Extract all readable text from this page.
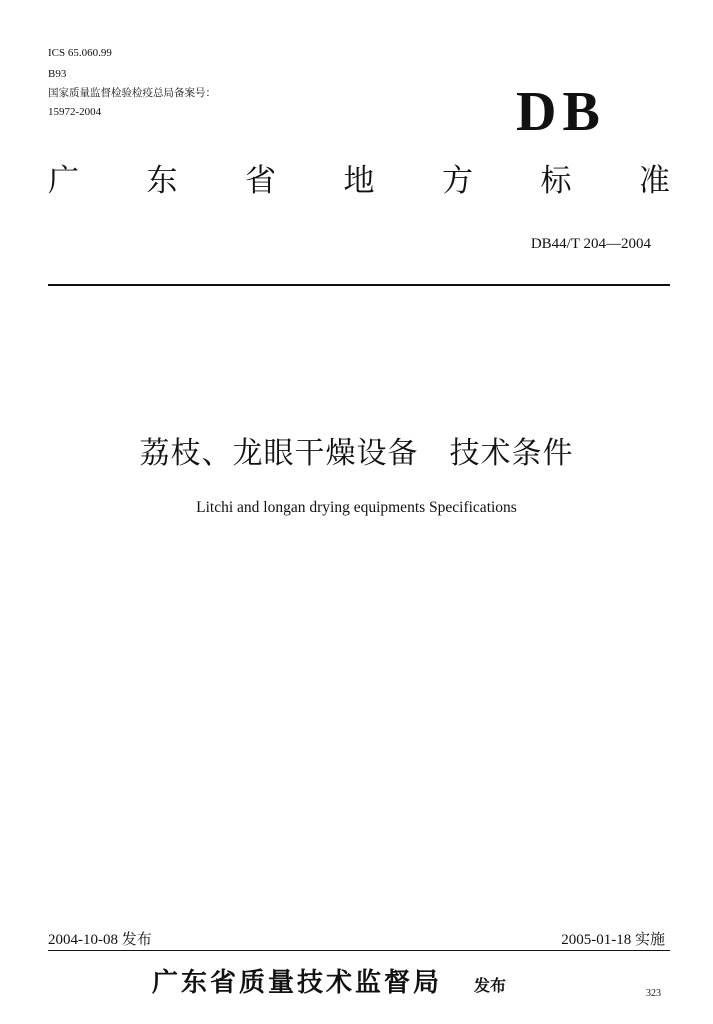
ICS 65.060.99
B93
国家质量监督检验检疫总局备案号：
15972-2004	DB
广 东 省 地 方 标 准
DB44/T 204—2004
荔枝、龙眼干燥设备　技术条件
Litchi and longan drying equipments Specifications
2004-10-08 发布	2005-01-18 实施
广东省质量技术监督局 发布	323
